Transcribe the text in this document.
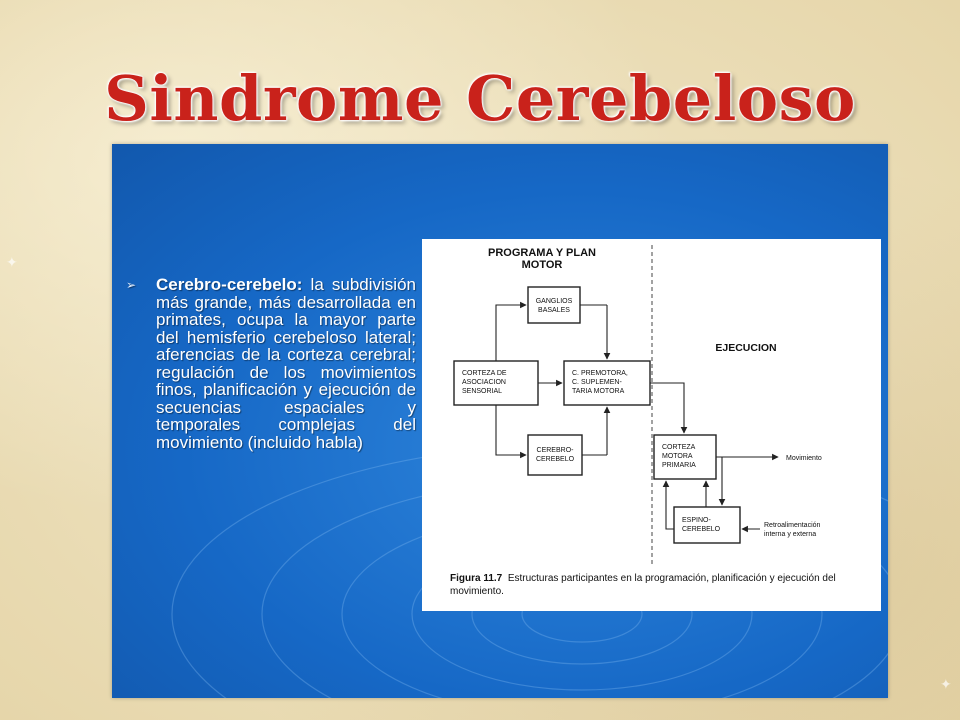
✦
✦
Sindrome Cerebeloso
➢ Cerebro-cerebelo: la subdivisión más grande, más desarrollada en primates, ocupa la mayor parte del hemisferio cerebeloso lateral; aferencias de la corteza cerebral; regulación de los movimientos finos, planificación y ejecución de secuencias espaciales y temporales complejas del movimiento (incluido habla)
PROGRAMA Y PLAN
MOTOR
EJECUCION
GANGLIOS
BASALES
CORTEZA DE
ASOCIACION
SENSORIAL
C. PREMOTORA,
C. SUPLEMEN-
TARIA MOTORA
CEREBRO-
CEREBELO
CORTEZA
MOTORA
PRIMARIA
ESPINO-
CEREBELO
Movimiento
Retroalimentación
interna y externa
Figura 11.7 Estructuras participantes en la programación, planificación y ejecución del movimiento.
